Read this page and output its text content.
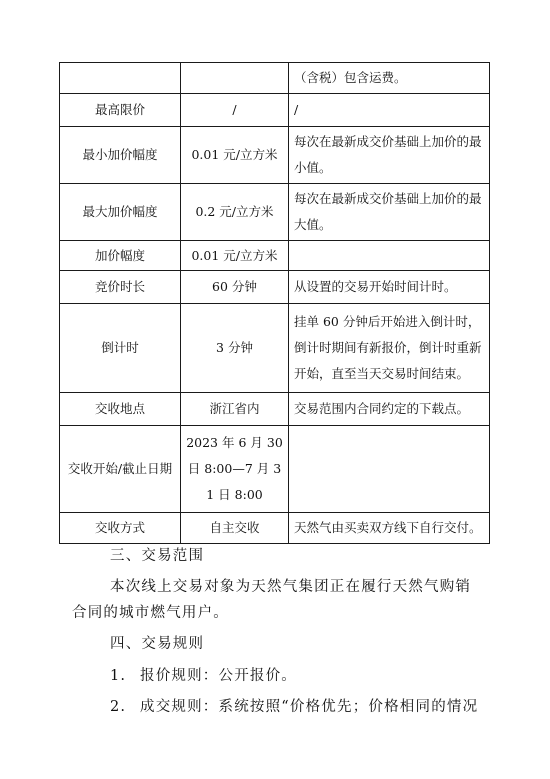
		（含税）包含运费。
最高限价	/	/
最小加价幅度	0.01 元/立方米	每次在最新成交价基础上加价的最小值。
最大加价幅度	0.2 元/立方米	每次在最新成交价基础上加价的最大值。
加价幅度	0.01 元/立方米	
竞价时长	60 分钟	从设置的交易开始时间计时。
倒计时	3 分钟	挂单 60 分钟后开始进入倒计时，倒计时期间有新报价，倒计时重新开始，直至当天交易时间结束。
交收地点	浙江省内	交易范围内合同约定的下载点。
交收开始/截止日期	2023 年 6 月 30 日 8:00—7 月 31 日 8:00	
交收方式	自主交收	天然气由买卖双方线下自行交付。
三、交易范围
本次线上交易对象为天然气集团正在履行天然气购销
合同的城市燃气用户。
四、交易规则
1. 报价规则：公开报价。
2. 成交规则：系统按照“价格优先；价格相同的情况
